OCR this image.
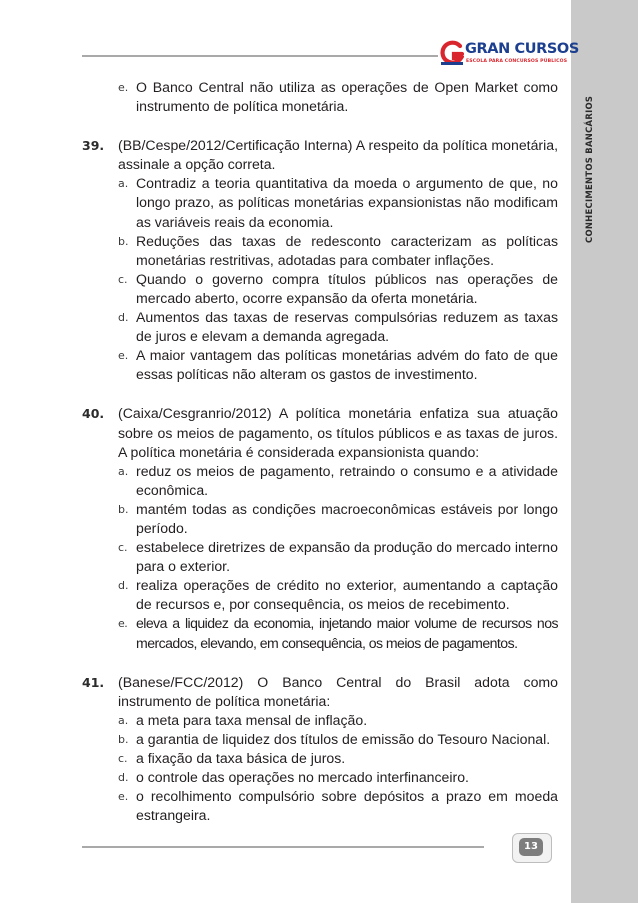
CONHECIMENTOS BANCÁRIOS
GRAN CURSOS
ESCOLA PARA CONCURSOS PÚBLICOS
e. O Banco Central não utiliza as operações de Open Market como instrumento de política monetária.
39. (BB/Cespe/2012/Certificação Interna) A respeito da política monetária, assinale a opção correta.
a. Contradiz a teoria quantitativa da moeda o argumento de que, no longo prazo, as políticas monetárias expansionistas não modificam as variáveis reais da economia.
b. Reduções das taxas de redesconto caracterizam as políticas monetárias restritivas, adotadas para combater inflações.
c. Quando o governo compra títulos públicos nas operações de mercado aberto, ocorre expansão da oferta monetária.
d. Aumentos das taxas de reservas compulsórias reduzem as taxas de juros e elevam a demanda agregada.
e. A maior vantagem das políticas monetárias advém do fato de que essas políticas não alteram os gastos de investimento.
40. (Caixa/Cesgranrio/2012) A política monetária enfatiza sua atuação sobre os meios de pagamento, os títulos públicos e as taxas de juros. A política monetária é considerada expansionista quando:
a. reduz os meios de pagamento, retraindo o consumo e a atividade econômica.
b. mantém todas as condições macroeconômicas estáveis por longo período.
c. estabelece diretrizes de expansão da produção do mercado interno para o exterior.
d. realiza operações de crédito no exterior, aumentando a captação de recursos e, por consequência, os meios de recebimento.
e. eleva a liquidez da economia, injetando maior volume de recursos nos mercados, elevando, em consequência, os meios de pagamentos.
41. (Banese/FCC/2012) O Banco Central do Brasil adota como instrumento de política monetária:
a. a meta para taxa mensal de inflação.
b. a garantia de liquidez dos títulos de emissão do Tesouro Nacional.
c. a fixação da taxa básica de juros.
d. o controle das operações no mercado interfinanceiro.
e. o recolhimento compulsório sobre depósitos a prazo em moeda estrangeira.
13
